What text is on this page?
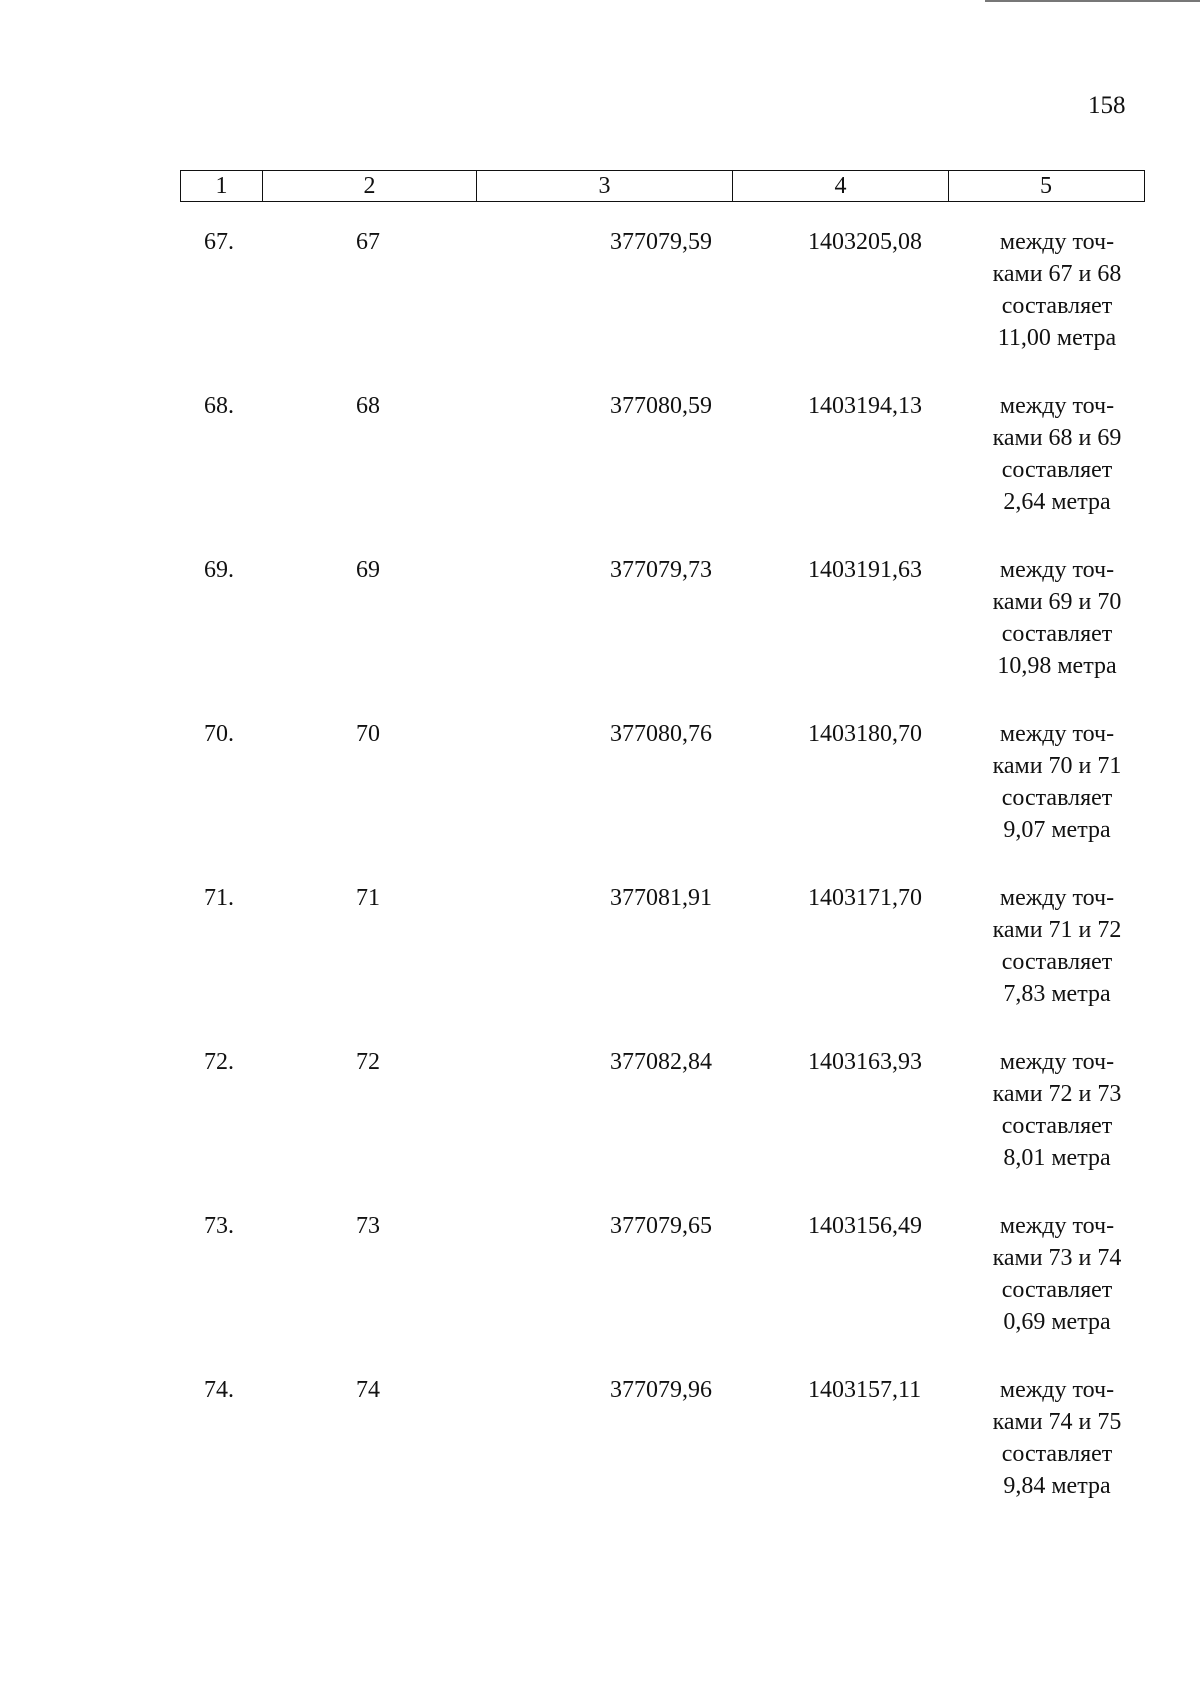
158
1	2	3	4	5
67.	67	377079,59	1403205,08	между точ-
ками 67 и 68
составляет
11,00 метра
68.	68	377080,59	1403194,13	между точ-
ками 68 и 69
составляет
2,64 метра
69.	69	377079,73	1403191,63	между точ-
ками 69 и 70
составляет
10,98 метра
70.	70	377080,76	1403180,70	между точ-
ками 70 и 71
составляет
9,07 метра
71.	71	377081,91	1403171,70	между точ-
ками 71 и 72
составляет
7,83 метра
72.	72	377082,84	1403163,93	между точ-
ками 72 и 73
составляет
8,01 метра
73.	73	377079,65	1403156,49	между точ-
ками 73 и 74
составляет
0,69 метра
74.	74	377079,96	1403157,11	между точ-
ками 74 и 75
составляет
9,84 метра
